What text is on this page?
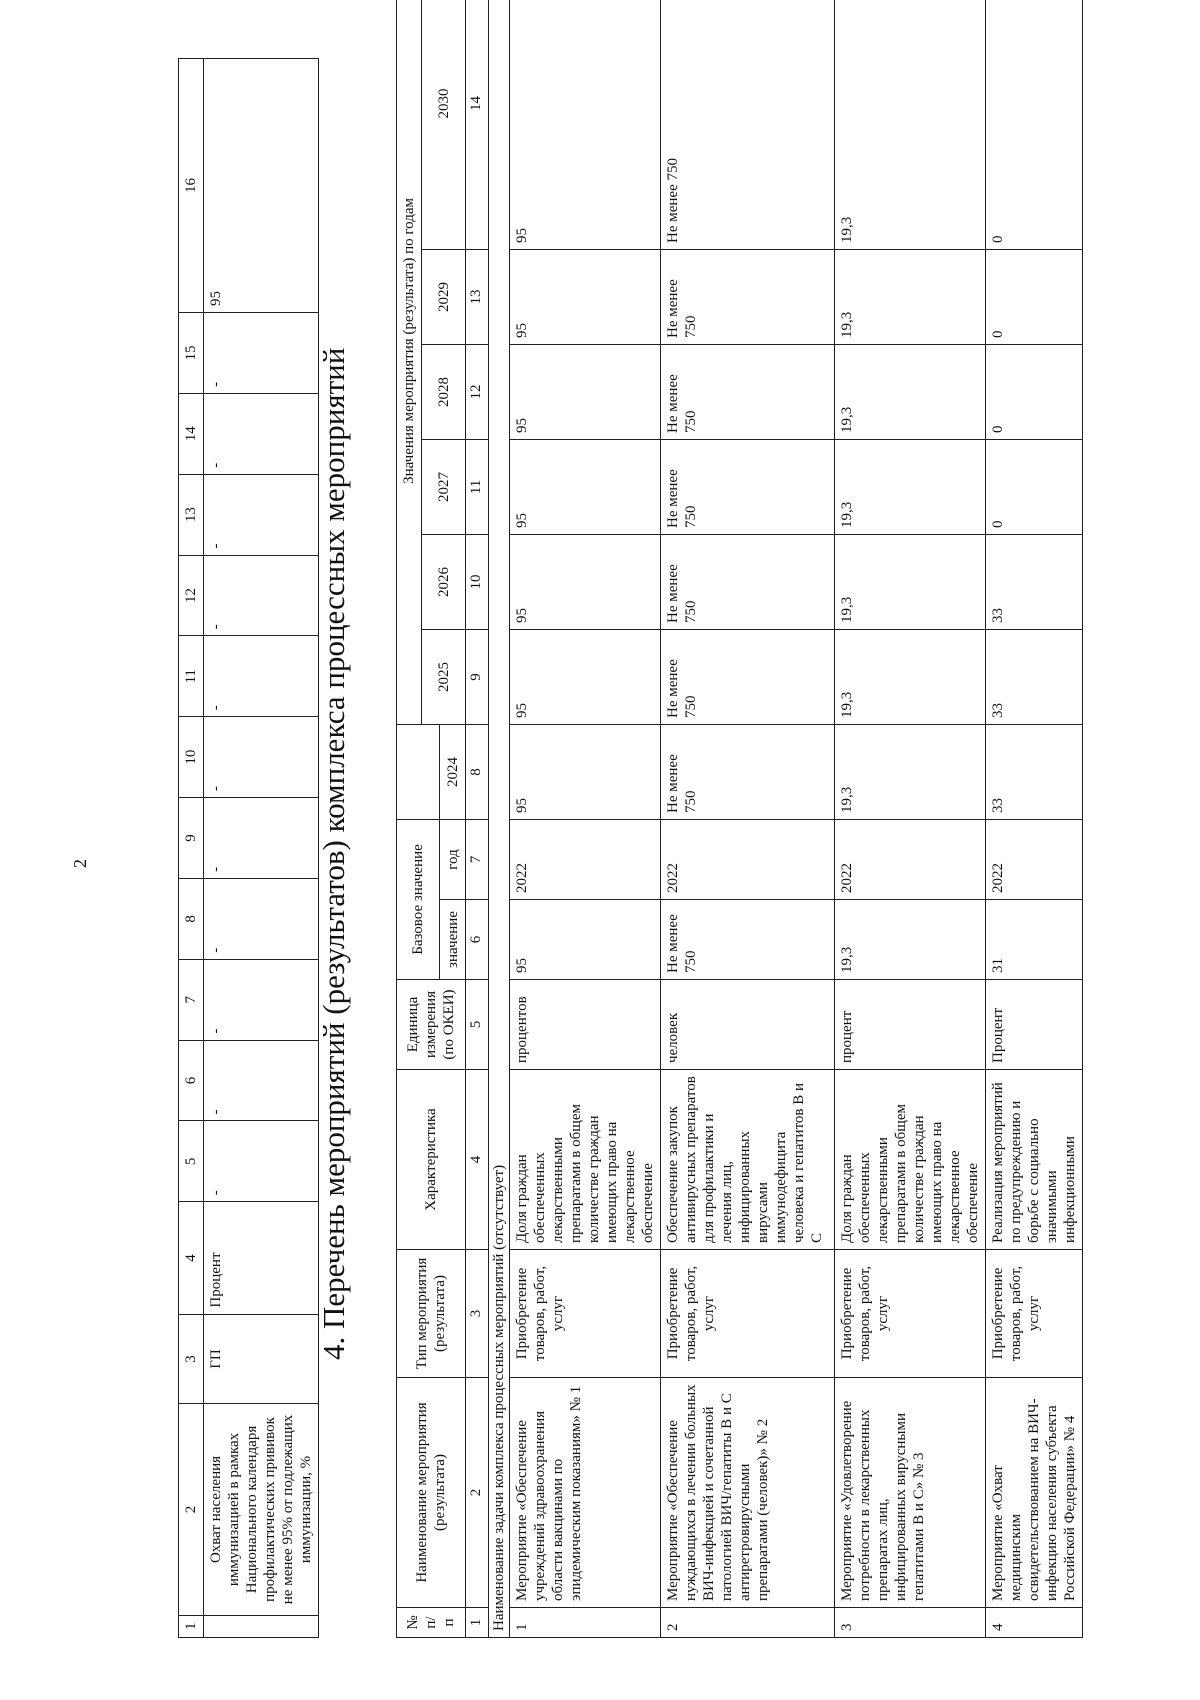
2
1	2	3	4	5	6	7	8	9	10	11	12	13	14	15	16
	Охват населения иммунизацией в рамках Национального календаря профилактических прививок не менее 95% от подлежащих иммунизации, %	ГП	Процент	-	-	-	-	-	-	-	-	-	-	-	95
4. Перечень мероприятий (результатов) комплекса процессных мероприятий
№ п/п	Наименование мероприятия (результата)	Тип мероприятия (результата)	Характеристика	Единица измерения (по ОКЕИ)	Базовое значение			Значения мероприятия (результата) по годам					
								2025	2026	2027	2028	2029	2030
					значение	год	2024						
1	2	3	4	5	6	7	8	9	10	11	12	13	14
Наименование задачи комплекса процессных мероприятий (отсутствует)													
1	Мероприятие «Обеспечение учреждений здравоохранения области вакцинами по эпидемическим показаниям» № 1	Приобретение товаров, работ, услуг	Доля граждан обеспеченных лекарственными препаратами в общем количестве граждан имеющих право на лекарственное обеспечение	процентов	95	2022	95	95	95	95	95	95	95
2	Мероприятие «Обеспечение нуждающихся в лечении больных ВИЧ-инфекцией и сочетанной патологией ВИЧ/гепатиты В и С антиретровирусными препаратами (человек)» № 2	Приобретение товаров, работ, услуг	Обеспечение закупок антивирусных препаратов для профилактики и лечения лиц, инфицированных вирусами иммунодефицита человека и гепатитов В и С	человек	Не менее 750	2022	Не менее 750	Не менее 750	Не менее 750	Не менее 750	Не менее 750	Не менее 750	Не менее 750
3	Мероприятие «Удовлетворение потребности в лекарственных препаратах лиц, инфицированных вирусными гепатитами В и С» № 3	Приобретение товаров, работ, услуг	Доля граждан обеспеченных лекарственными препаратами в общем количестве граждан имеющих право на лекарственное обеспечение	процент	19,3	2022	19,3	19,3	19,3	19,3	19,3	19,3	19,3
4	Мероприятие «Охват медицинским освидетельствованием на ВИЧ-инфекцию населения субъекта Российской Федерации» № 4	Приобретение товаров, работ, услуг	Реализация мероприятий по предупреждению и борьбе с социально значимыми инфекционными	Процент	31	2022	33	33	33	0	0	0	0
